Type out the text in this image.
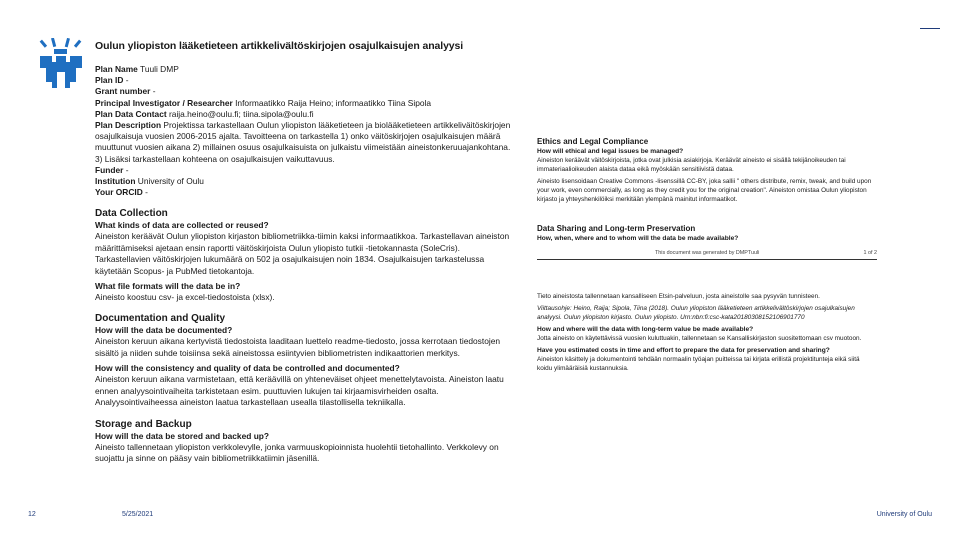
Oulun yliopiston lääketieteen artikkelivältöskirjojen osajulkaisujen analyysi
Plan Name Tuuli DMP
Plan ID -
Grant number -
Principal Investigator / Researcher Informaatikko Raija Heino; informaatikko Tiina Sipola
Plan Data Contact raija.heino@oulu.fi; tiina.sipola@oulu.fi
Plan Description Projektissa tarkastellaan Oulun yliopiston lääketieteen ja biolääketieteen artikkeliväitöskirjojen osajulkaisuja vuosien 2006-2015 ajalta. Tavoitteena on tarkastella 1) onko väitöskirjojen osajulkaisujen määrä muuttunut vuosien aikana 2) millainen osuus osajulkaisuista on julkaistu viimeistään aineistonkeruuajankohtana. 3) Lisäksi tarkastellaan kohteena on osajulkaisujen vaikuttavuus.
Funder -
Institution University of Oulu
Your ORCID -
Data Collection
What kinds of data are collected or reused?
Aineiston keräävät Oulun yliopiston kirjaston bibliometriikka-tiimin kaksi informaatikkoa. Tarkastellavan aineiston määrittämiseksi ajetaan ensin raportti väitöskirjoista Oulun yliopisto tutkii -tietokannasta (SoleCris). Tarkastellavien väitöskirjojen lukumäärä on 502 ja osajulkaisujen noin 1834. Osajulkaisujen tarkastelussa käytetään Scopus- ja PubMed tietokantoja.
What file formats will the data be in?
Aineisto koostuu csv- ja excel-tiedostoista (xlsx).
Documentation and Quality
How will the data be documented?
Aineiston keruun aikana kertyvistä tiedostoista laaditaan luettelo readme-tiedosto, jossa kerrotaan tiedostojen sisältö ja niiden suhde toisiinsa sekä aineistossa esiintyvien bibliometristen indikaattorien merkitys.
How will the consistency and quality of data be controlled and documented?
Aineiston keruun aikana varmistetaan, että keräävillä on yhteneväiset ohjeet menettelytavoista. Aineiston laatu ennen analyysointivaiheita tarkistetaan esim. puuttuvien lukujen tai kirjaamisvirheiden osalta. Analyysointivaiheessa aineiston laatua tarkastellaan usealla tilastollisella tekniikalla.
Storage and Backup
How will the data be stored and backed up?
Aineisto tallennetaan yliopiston verkkolevylle, jonka varmuuskopioinnista huolehtii tietohallinto. Verkkolevy on suojattu ja sinne on pääsy vain bibliometriikkatiimin jäsenillä.
Ethics and Legal Compliance
How will ethical and legal issues be managed?
Aineiston keräävät väitöskirjoista, jotka ovat julkisia asiakirjoja. Keräävät aineisto ei sisällä tekijänoikeuden tai immateriaalioikeuden alaista dataa eikä myöskään sensitiivistä dataa.
Aineisto lisensoidaan Creative Commons -lisenssillä CC-BY, joka sallii " others distribute, remix, tweak, and build upon your work, even commercially, as long as they credit you for the original creation". Aineiston omistaa Oulun yliopiston kirjasto ja yhteyshenkilöiksi merkitään ylempänä mainitut informaatikot.
Data Sharing and Long-term Preservation
How, when, where and to whom will the data be made available?
This document was generated by DMPTuuli	1 of 2
Tieto aineistosta tallennetaan kansalliseen Etsin-palveluun, josta aineistolle saa pysyvän tunnisteen.
Viittausohje: Heino, Raija; Sipola, Tiina (2018). Oulun yliopiston lääketieteen artikkelivältöskirjojen osajulkaisujen analyysi. Oulun yliopiston kirjasto. Oulun yliopisto. Urn:nbn:fi:csc-kata20180308152106901770
How and where will the data with long-term value be made available?
Jotta aineisto on käytettävissä vuosien kuluttuakin, tallennetaan se Kansalliskirjaston suositettomaan csv muotoon.
Have you estimated costs in time and effort to prepare the data for preservation and sharing?
Aineiston käsittely ja dokumentointi tehdään normaalin työajan puitteissa tai kirjata erillistä projektitunteja eikä siitä koidu ylimääräisiä kustannuksia.
12	5/25/2021	University of Oulu
